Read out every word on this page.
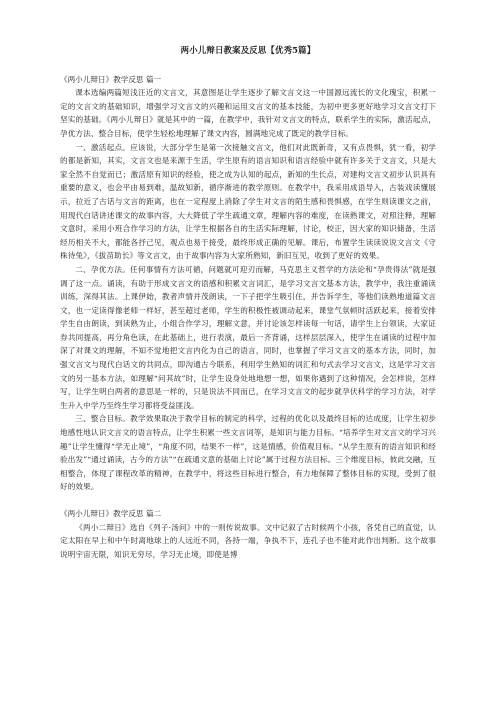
两小儿辩日教案及反思【优秀5篇】

《两小儿辩日》教学反思 篇一

课本选编两篇短浅汪近的文言文，其意图是让学生逐步了解文言文这一中国源远流长的文化瑰宝，积累一定的文言文的基础知识，增强学习文言文的兴趣和运用文言文的基本技能，为初中更多更好地学习文言文打下坚实的基础。《两小儿辩日》就是其中的一篇，在教学中，我针对文言文的特点，联系学生的实际，激活起点，孕优方法、整合目标，使学生轻松地理解了课文内容，圆满地完成了既定的教学目标。

一、激活起点。应该说，大部分学生是第一次接触文言文，他们对此既新奇，又有点畏惧，犹一看，初学的都是新知，其实，文言文也是来源于生活，学生原有的语言知识和语言经验中就有许多关于文言文，只是大家全然不自觉而已；激活原有知识的经验，使之成为认知的起点，新知的生长点，对建构文言文初步认识具有重要的意义，也会平由易到难，温故知新，循序渐进的教学原则。在教学中，我采用成语导入，古装戏读懂展示，拉近了古话与文言的距离，也在一定程度上消除了学生对文言的陌生感和畏惧感，在学生则读课文之前，用现代白话讲述课文的故事内容，大大降低了学生疏通文章，理解内容的难度，在读熟课文，对照注释，理解文意时，采用小班合作学习的方法，让学生根据各自的生活实际理解，讨论，校正，因大家的知识储备，生活经历相关不大，都能各抒己见，观点也易于接受，最终形成正确的见解。课后，布置学生读读说说文言文《守株待兔》，《拔苗助长》等文言文，由于故事内容为大家所熟知，新旧互见，收到了更好的效果。

二、孕优方法。任何事情有方法可循，问题就可迎刃而解，马克思主义哲学的方法论和“孕贵得法”就是强调了这一点。诵读，有助于形成文言文的语感和积累文言词汇，是学习文言文基本方法，教学中，我注重诵读训练，深得其法。上课伊始，教者声情并茂朗读，一下子把学生吸引住，并告诉学生，等他们读熟地道篇文言文，也一定读得像老师一样好，甚至超过老师，学生的积极性被调动起来，课堂气氛顿时活跃起来，接着安排学生自由朗读，到读熟为止，小组合作学习，理解文意，并讨论该怎样读每一句话，请学生上台领读，大家证券共同提高，再分角色读，在此基础上，进行表演，最后一齐背诵，这样层层深入，使学生在诵读的过程中加深了对课文的理解，不知不觉地把文言内化为自己的语言，同时，也掌握了学习文言文的基本方法，同时，加强文言文与现代白话文的共同点，即沟通古今联系，利用学生熟知的词汇和句式去学习文言文，这是学习文言文的另一基本方法，如理解“问其故”时，让学生设身处地地想一想，如果你遇到了这种情况，会怎样说，怎样写，让学生明白两者的意思是一样的，只是说法不同而已，在学习文言文的起步就孕伏科学的学习方法，对学生升入中学乃至终生学习都将受益匪浅。

三、整合目标。教学效果取决于教学目标的制定的科学，过程的优化以及最终目标的达成度，让学生初步地感性地认识文言文的语言特点，让学生积累一些文言词等，是知识与能力目标。“培养学生对文言文的学习兴趣”让学生懂得“学无止境”，“角度不同，结果不一样”，这是情感，价值观目标。“从学生原有的语言知识和经验出发”“通过诵读，古今的方法”“在疏通文意的基础上讨论”属于过程方法目标。三个维度目标，彼此交融，互相整合，体现了课程改革的精神，在教学中，将这些目标进行整合，有力地保障了整体目标的实现，受到了很好的效果。

《两小儿辩日》教学反思 篇二

《两小二辩日》选自《列子·汤问》中的一则传说故事。文中记叙了古时候两个小孩，各凭自己的直觉，认定太阳在早上和中午时离地球上的人远近不同，各持一端，争执不下，连孔子也不能对此作出判断。这个故事说明宇宙无限，知识无穷尽，学习无止境，即使是博
